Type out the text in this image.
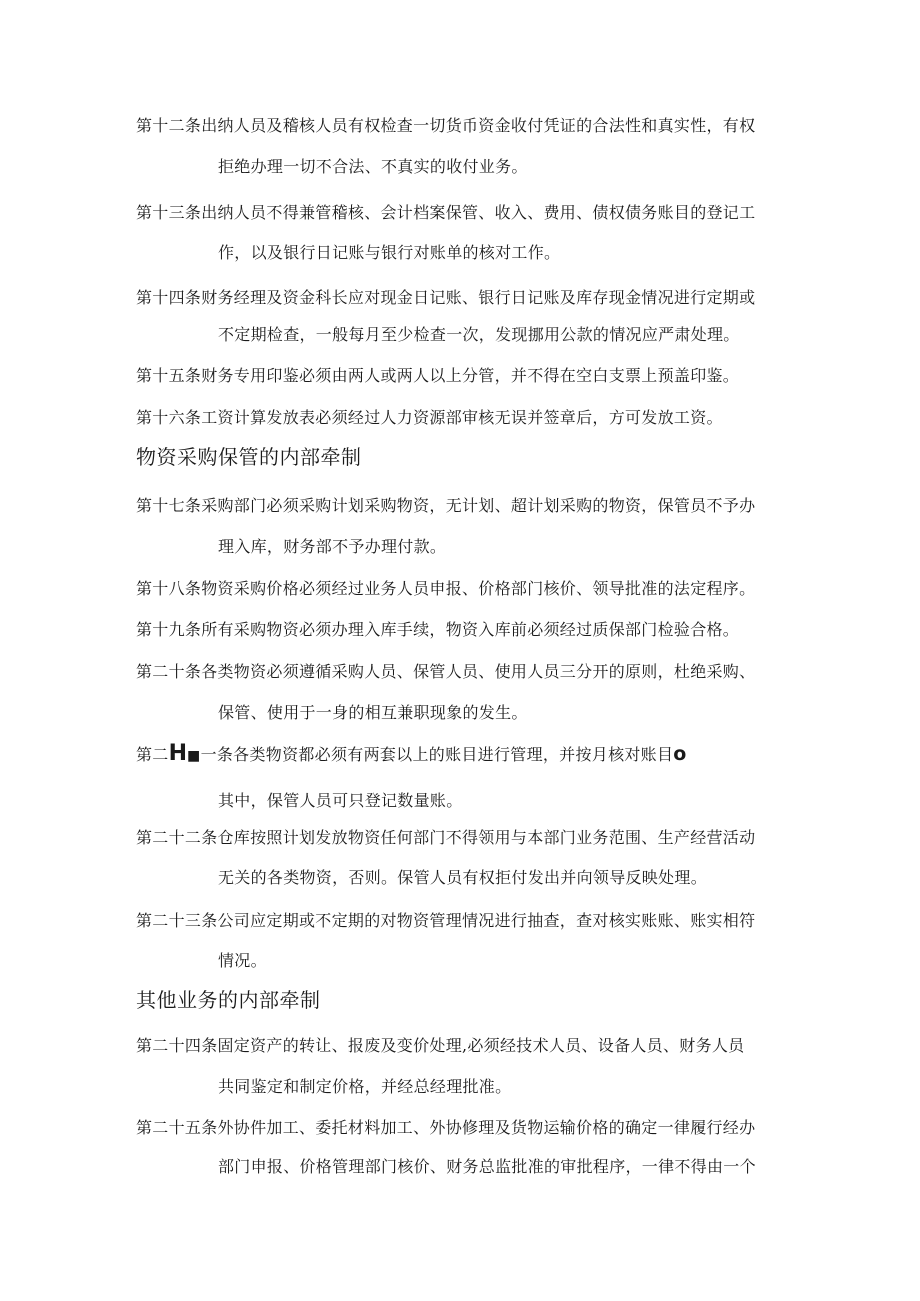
第十二条出纳人员及稽核人员有权检查一切货币资金收付凭证的合法性和真实性，有权
拒绝办理一切不合法、不真实的收付业务。
第十三条出纳人员不得兼管稽核、会计档案保管、收入、费用、债权债务账目的登记工
作，以及银行日记账与银行对账单的核对工作。
第十四条财务经理及资金科长应对现金日记账、银行日记账及库存现金情况进行定期或
不定期检查，一般每月至少检查一次，发现挪用公款的情况应严肃处理。
第十五条财务专用印鉴必须由两人或两人以上分管，并不得在空白支票上预盖印鉴。
第十六条工资计算发放表必须经过人力资源部审核无误并签章后，方可发放工资。
物资采购保管的内部牵制
第十七条采购部门必须采购计划采购物资，无计划、超计划采购的物资，保管员不予办
理入库，财务部不予办理付款。
第十八条物资采购价格必须经过业务人员申报、价格部门核价、领导批准的法定程序。
第十九条所有采购物资必须办理入库手续，物资入库前必须经过质保部门检验合格。
第二十条各类物资必须遵循采购人员、保管人员、使用人员三分开的原则，杜绝采购、
保管、使用于一身的相互兼职现象的发生。
第二H■一条各类物资都必须有两套以上的账目进行管理，并按月核对账目o
其中，保管人员可只登记数量账。
第二十二条仓库按照计划发放物资任何部门不得领用与本部门业务范围、生产经营活动
无关的各类物资，否则。保管人员有权拒付发出并向领导反映处理。
第二十三条公司应定期或不定期的对物资管理情况进行抽查，查对核实账账、账实相符
情况。
其他业务的内部牵制
第二十四条固定资产的转让、报废及变价处理,必须经技术人员、设备人员、财务人员
共同鉴定和制定价格，并经总经理批准。
第二十五条外协件加工、委托材料加工、外协修理及货物运输价格的确定一律履行经办
部门申报、价格管理部门核价、财务总监批准的审批程序，一律不得由一个
